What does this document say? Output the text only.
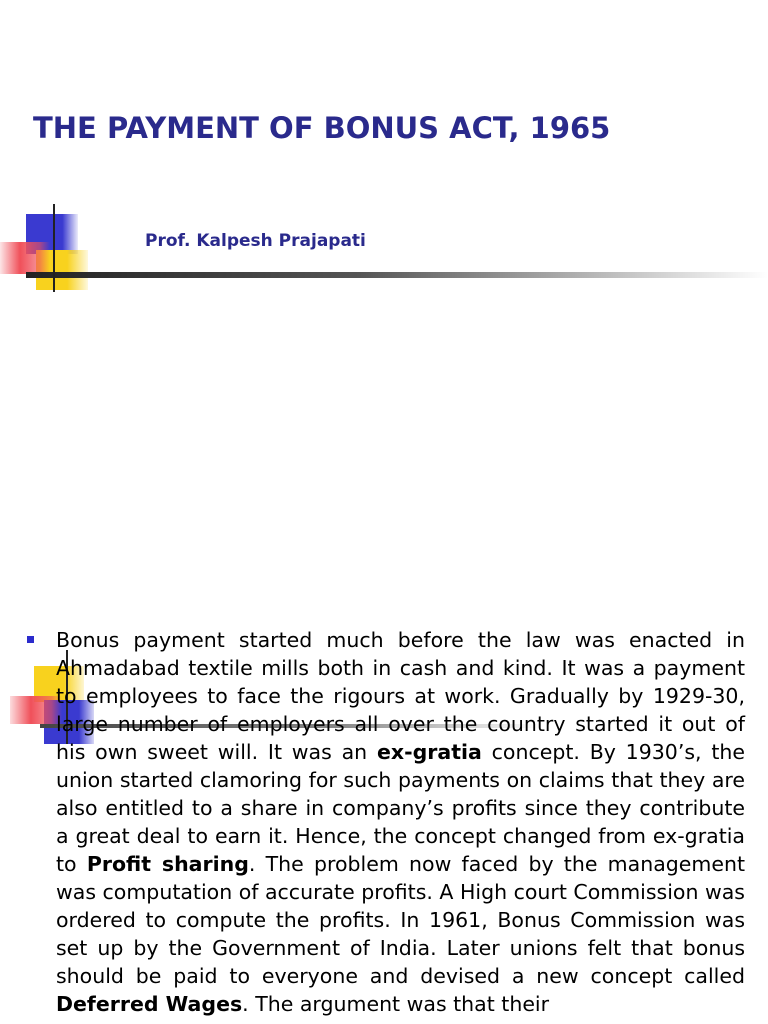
THE PAYMENT OF BONUS ACT, 1965

Prof. Kalpesh Prajapati

Bonus payment started much before the law was enacted in Ahmadabad textile mills both in cash and kind. It was a payment to employees to face the rigours at work. Gradually by 1929-30, large number of employers all over the country started it out of his own sweet will. It was an ex-gratia concept. By 1930’s, the union started clamoring for such payments on claims that they are also entitled to a share in company’s profits since they contribute a great deal to earn it. Hence, the concept changed from ex-gratia to Profit sharing. The problem now faced by the management was computation of accurate profits. A High court Commission was ordered to compute the profits. In 1961, Bonus Commission was set up by the Government of India. Later unions felt that bonus should be paid to everyone and devised a new concept called Deferred Wages. The argument was that their
